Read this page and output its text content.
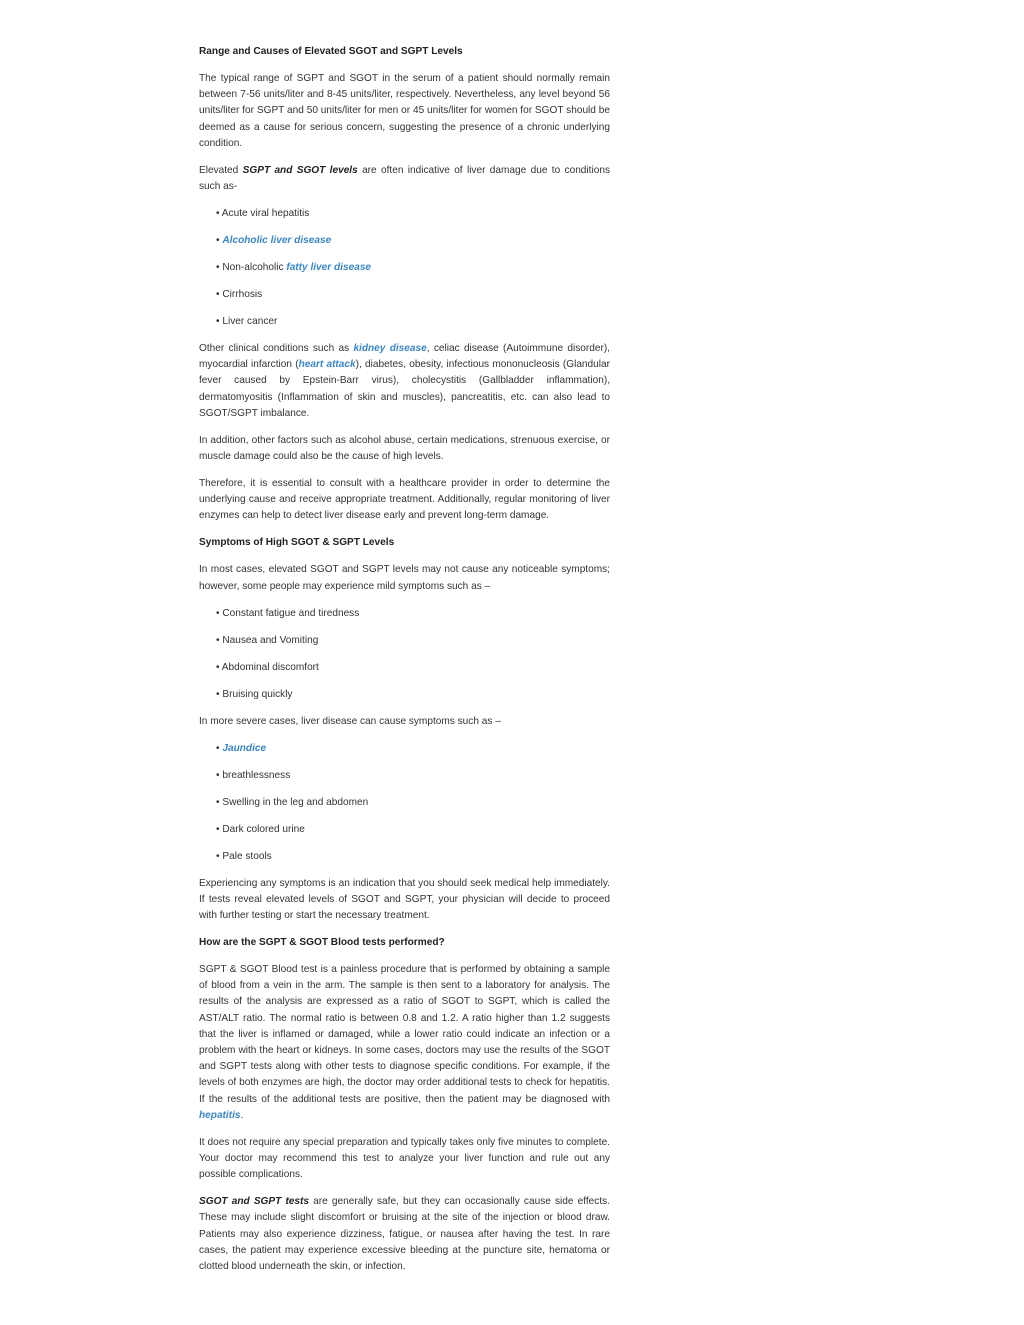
Range and Causes of Elevated SGOT and SGPT Levels

The typical range of SGPT and SGOT in the serum of a patient should normally remain between 7-56 units/liter and 8-45 units/liter, respectively. Nevertheless, any level beyond 56 units/liter for SGPT and 50 units/liter for men or 45 units/liter for women for SGOT should be deemed as a cause for serious concern, suggesting the presence of a chronic underlying condition.

Elevated SGPT and SGOT levels are often indicative of liver damage due to conditions such as-

• Acute viral hepatitis
• Alcoholic liver disease
• Non-alcoholic fatty liver disease
• Cirrhosis
• Liver cancer

Other clinical conditions such as kidney disease, celiac disease (Autoimmune disorder), myocardial infarction (heart attack), diabetes, obesity, infectious mononucleosis (Glandular fever caused by Epstein-Barr virus), cholecystitis (Gallbladder inflammation), dermatomyositis (Inflammation of skin and muscles), pancreatitis, etc. can also lead to SGOT/SGPT imbalance.

In addition, other factors such as alcohol abuse, certain medications, strenuous exercise, or muscle damage could also be the cause of high levels.

Therefore, it is essential to consult with a healthcare provider in order to determine the underlying cause and receive appropriate treatment. Additionally, regular monitoring of liver enzymes can help to detect liver disease early and prevent long-term damage.

Symptoms of High SGOT & SGPT Levels

In most cases, elevated SGOT and SGPT levels may not cause any noticeable symptoms; however, some people may experience mild symptoms such as –

• Constant fatigue and tiredness
• Nausea and Vomiting
• Abdominal discomfort
• Bruising quickly

In more severe cases, liver disease can cause symptoms such as –

• Jaundice
• breathlessness
• Swelling in the leg and abdomen
• Dark colored urine
• Pale stools

Experiencing any symptoms is an indication that you should seek medical help immediately. If tests reveal elevated levels of SGOT and SGPT, your physician will decide to proceed with further testing or start the necessary treatment.

How are the SGPT & SGOT Blood tests performed?

SGPT & SGOT Blood test is a painless procedure that is performed by obtaining a sample of blood from a vein in the arm. The sample is then sent to a laboratory for analysis. The results of the analysis are expressed as a ratio of SGOT to SGPT, which is called the AST/ALT ratio. The normal ratio is between 0.8 and 1.2. A ratio higher than 1.2 suggests that the liver is inflamed or damaged, while a lower ratio could indicate an infection or a problem with the heart or kidneys. In some cases, doctors may use the results of the SGOT and SGPT tests along with other tests to diagnose specific conditions. For example, if the levels of both enzymes are high, the doctor may order additional tests to check for hepatitis. If the results of the additional tests are positive, then the patient may be diagnosed with hepatitis.

It does not require any special preparation and typically takes only five minutes to complete. Your doctor may recommend this test to analyze your liver function and rule out any possible complications.

SGOT and SGPT tests are generally safe, but they can occasionally cause side effects. These may include slight discomfort or bruising at the site of the injection or blood draw. Patients may also experience dizziness, fatigue, or nausea after having the test. In rare cases, the patient may experience excessive bleeding at the puncture site, hematoma or clotted blood underneath the skin, or infection.
